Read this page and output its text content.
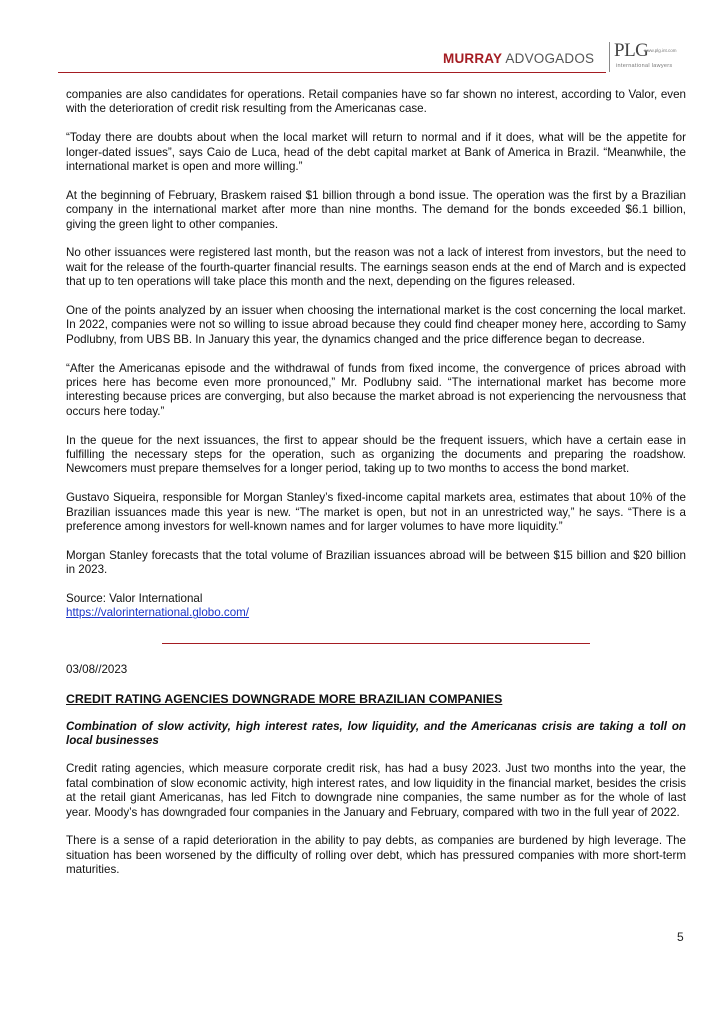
MURRAY ADVOGADOS PLG
www.plg.int.com
international lawyers

companies are also candidates for operations. Retail companies have so far shown no interest, according to Valor, even with the deterioration of credit risk resulting from the Americanas case.

“Today there are doubts about when the local market will return to normal and if it does, what will be the appetite for longer-dated issues”, says Caio de Luca, head of the debt capital market at Bank of America in Brazil. “Meanwhile, the international market is open and more willing.”

At the beginning of February, Braskem raised $1 billion through a bond issue. The operation was the first by a Brazilian company in the international market after more than nine months. The demand for the bonds exceeded $6.1 billion, giving the green light to other companies.

No other issuances were registered last month, but the reason was not a lack of interest from investors, but the need to wait for the release of the fourth-quarter financial results. The earnings season ends at the end of March and is expected that up to ten operations will take place this month and the next, depending on the figures released.

One of the points analyzed by an issuer when choosing the international market is the cost concerning the local market. In 2022, companies were not so willing to issue abroad because they could find cheaper money here, according to Samy Podlubny, from UBS BB. In January this year, the dynamics changed and the price difference began to decrease.

“After the Americanas episode and the withdrawal of funds from fixed income, the convergence of prices abroad with prices here has become even more pronounced,” Mr. Podlubny said. “The international market has become more interesting because prices are converging, but also because the market abroad is not experiencing the nervousness that occurs here today.”

In the queue for the next issuances, the first to appear should be the frequent issuers, which have a certain ease in fulfilling the necessary steps for the operation, such as organizing the documents and preparing the roadshow. Newcomers must prepare themselves for a longer period, taking up to two months to access the bond market.

Gustavo Siqueira, responsible for Morgan Stanley’s fixed-income capital markets area, estimates that about 10% of the Brazilian issuances made this year is new. “The market is open, but not in an unrestricted way,” he says. “There is a preference among investors for well-known names and for larger volumes to have more liquidity.”

Morgan Stanley forecasts that the total volume of Brazilian issuances abroad will be between $15 billion and $20 billion in 2023.

Source: Valor International

https://valorinternational.globo.com/

03/08//2023

CREDIT RATING AGENCIES DOWNGRADE MORE BRAZILIAN COMPANIES

Combination of slow activity, high interest rates, low liquidity, and the Americanas crisis are taking a toll on local businesses

Credit rating agencies, which measure corporate credit risk, has had a busy 2023. Just two months into the year, the fatal combination of slow economic activity, high interest rates, and low liquidity in the financial market, besides the crisis at the retail giant Americanas, has led Fitch to downgrade nine companies, the same number as for the whole of last year. Moody’s has downgraded four companies in the January and February, compared with two in the full year of 2022.

There is a sense of a rapid deterioration in the ability to pay debts, as companies are burdened by high leverage. The situation has been worsened by the difficulty of rolling over debt, which has pressured companies with more short-term maturities.

5
